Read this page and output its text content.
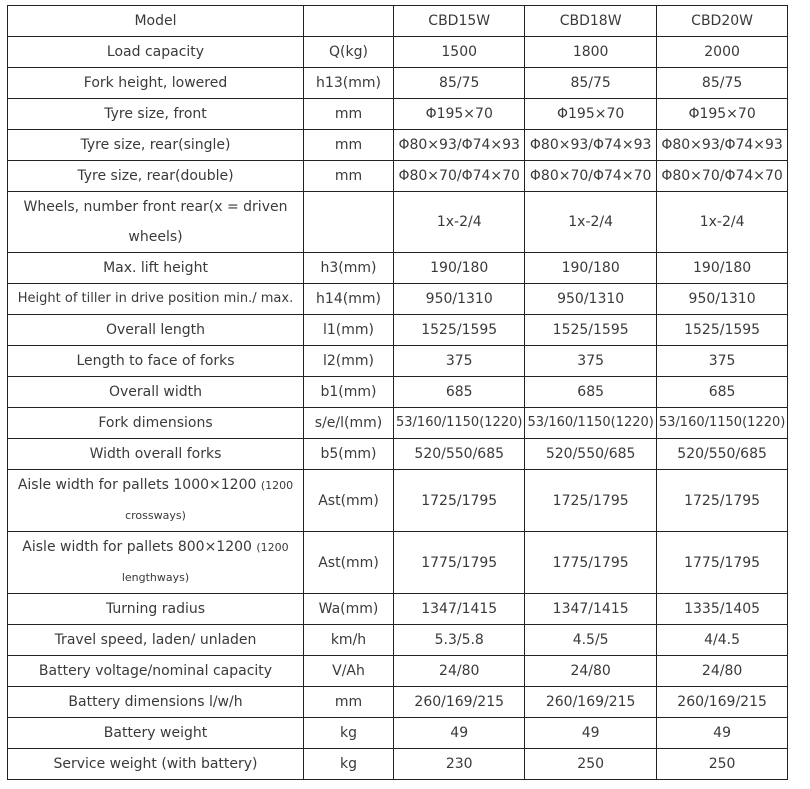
Model		CBD15W	CBD18W	CBD20W
Load capacity	Q(kg)	1500	1800	2000
Fork height, lowered	h13(mm)	85/75	85/75	85/75
Tyre size, front	mm	Φ195×70	Φ195×70	Φ195×70
Tyre size, rear(single)	mm	Φ80×93/Φ74×93	Φ80×93/Φ74×93	Φ80×93/Φ74×93
Tyre size, rear(double)	mm	Φ80×70/Φ74×70	Φ80×70/Φ74×70	Φ80×70/Φ74×70

Wheels, number front rear(x = driven
wheels)		1x-2/4	1x-2/4	1x-2/4
Max. lift height	h3(mm)	190/180	190/180	190/180
Height of tiller in drive position min./ max.	h14(mm)	950/1310	950/1310	950/1310
Overall length	l1(mm)	1525/1595	1525/1595	1525/1595
Length to face of forks	l2(mm)	375	375	375
Overall width	b1(mm)	685	685	685
Fork dimensions	s/e/l(mm)	53/160/1150(1220)	53/160/1150(1220)	53/160/1150(1220)
Width overall forks	b5(mm)	520/550/685	520/550/685	520/550/685

Aisle width for pallets 1000×1200 (1200
crossways)	Ast(mm)	1725/1795	1725/1795	1725/1795

Aisle width for pallets 800×1200 (1200
lengthways)	Ast(mm)	1775/1795	1775/1795	1775/1795
Turning radius	Wa(mm)	1347/1415	1347/1415	1335/1405
Travel speed, laden/ unladen	km/h	5.3/5.8	4.5/5	4/4.5
Battery voltage/nominal capacity	V/Ah	24/80	24/80	24/80
Battery dimensions l/w/h	mm	260/169/215	260/169/215	260/169/215
Battery weight	kg	49	49	49
Service weight (with battery)	kg	230	250	250
